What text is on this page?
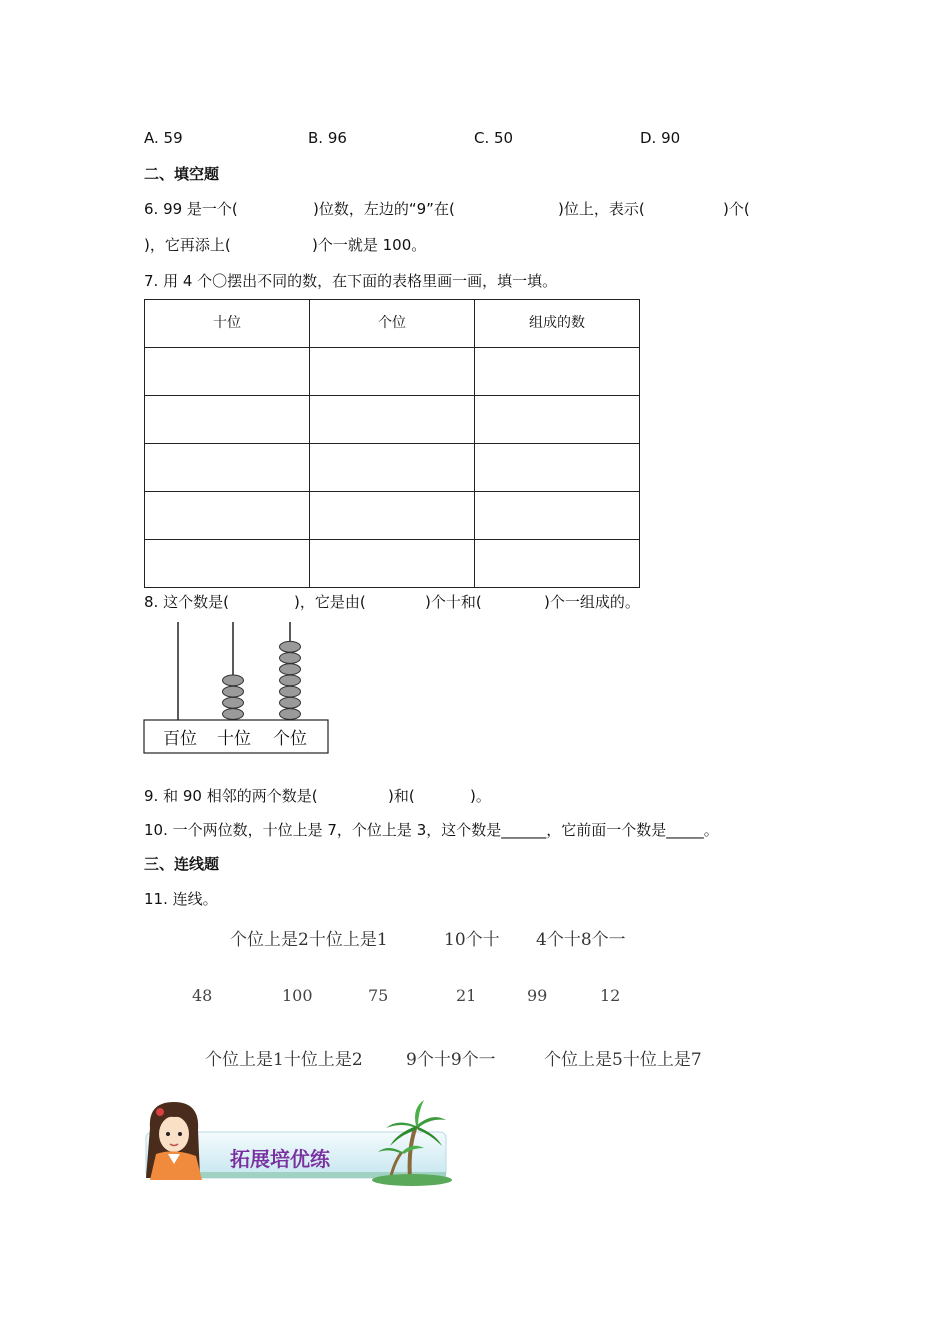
A. 59	B. 96	C. 50	D. 90
二、填空题
6. 99 是一个(	)位数，左边的“9”在(	)位上，表示(	)个(
)，它再添上(	)个一就是 100。
7. 用 4 个〇摆出不同的数，在下面的表格里画一画，填一填。
十位	个位	组成的数

8. 这个数是(	)，它是由(	)个十和(	)个一组成的。
百位 十位 个位
9. 和 90 相邻的两个数是(	)和(	)。
10. 一个两位数，十位上是 7，个位上是 3，这个数是______，它前面一个数是_____。
三、连线题
11. 连线。
个位上是2十位上是1	10个十 4个十8个一
48	100	75	21	99	12
个位上是1十位上是2	9个十9个一	个位上是5十位上是7
拓展培优练
